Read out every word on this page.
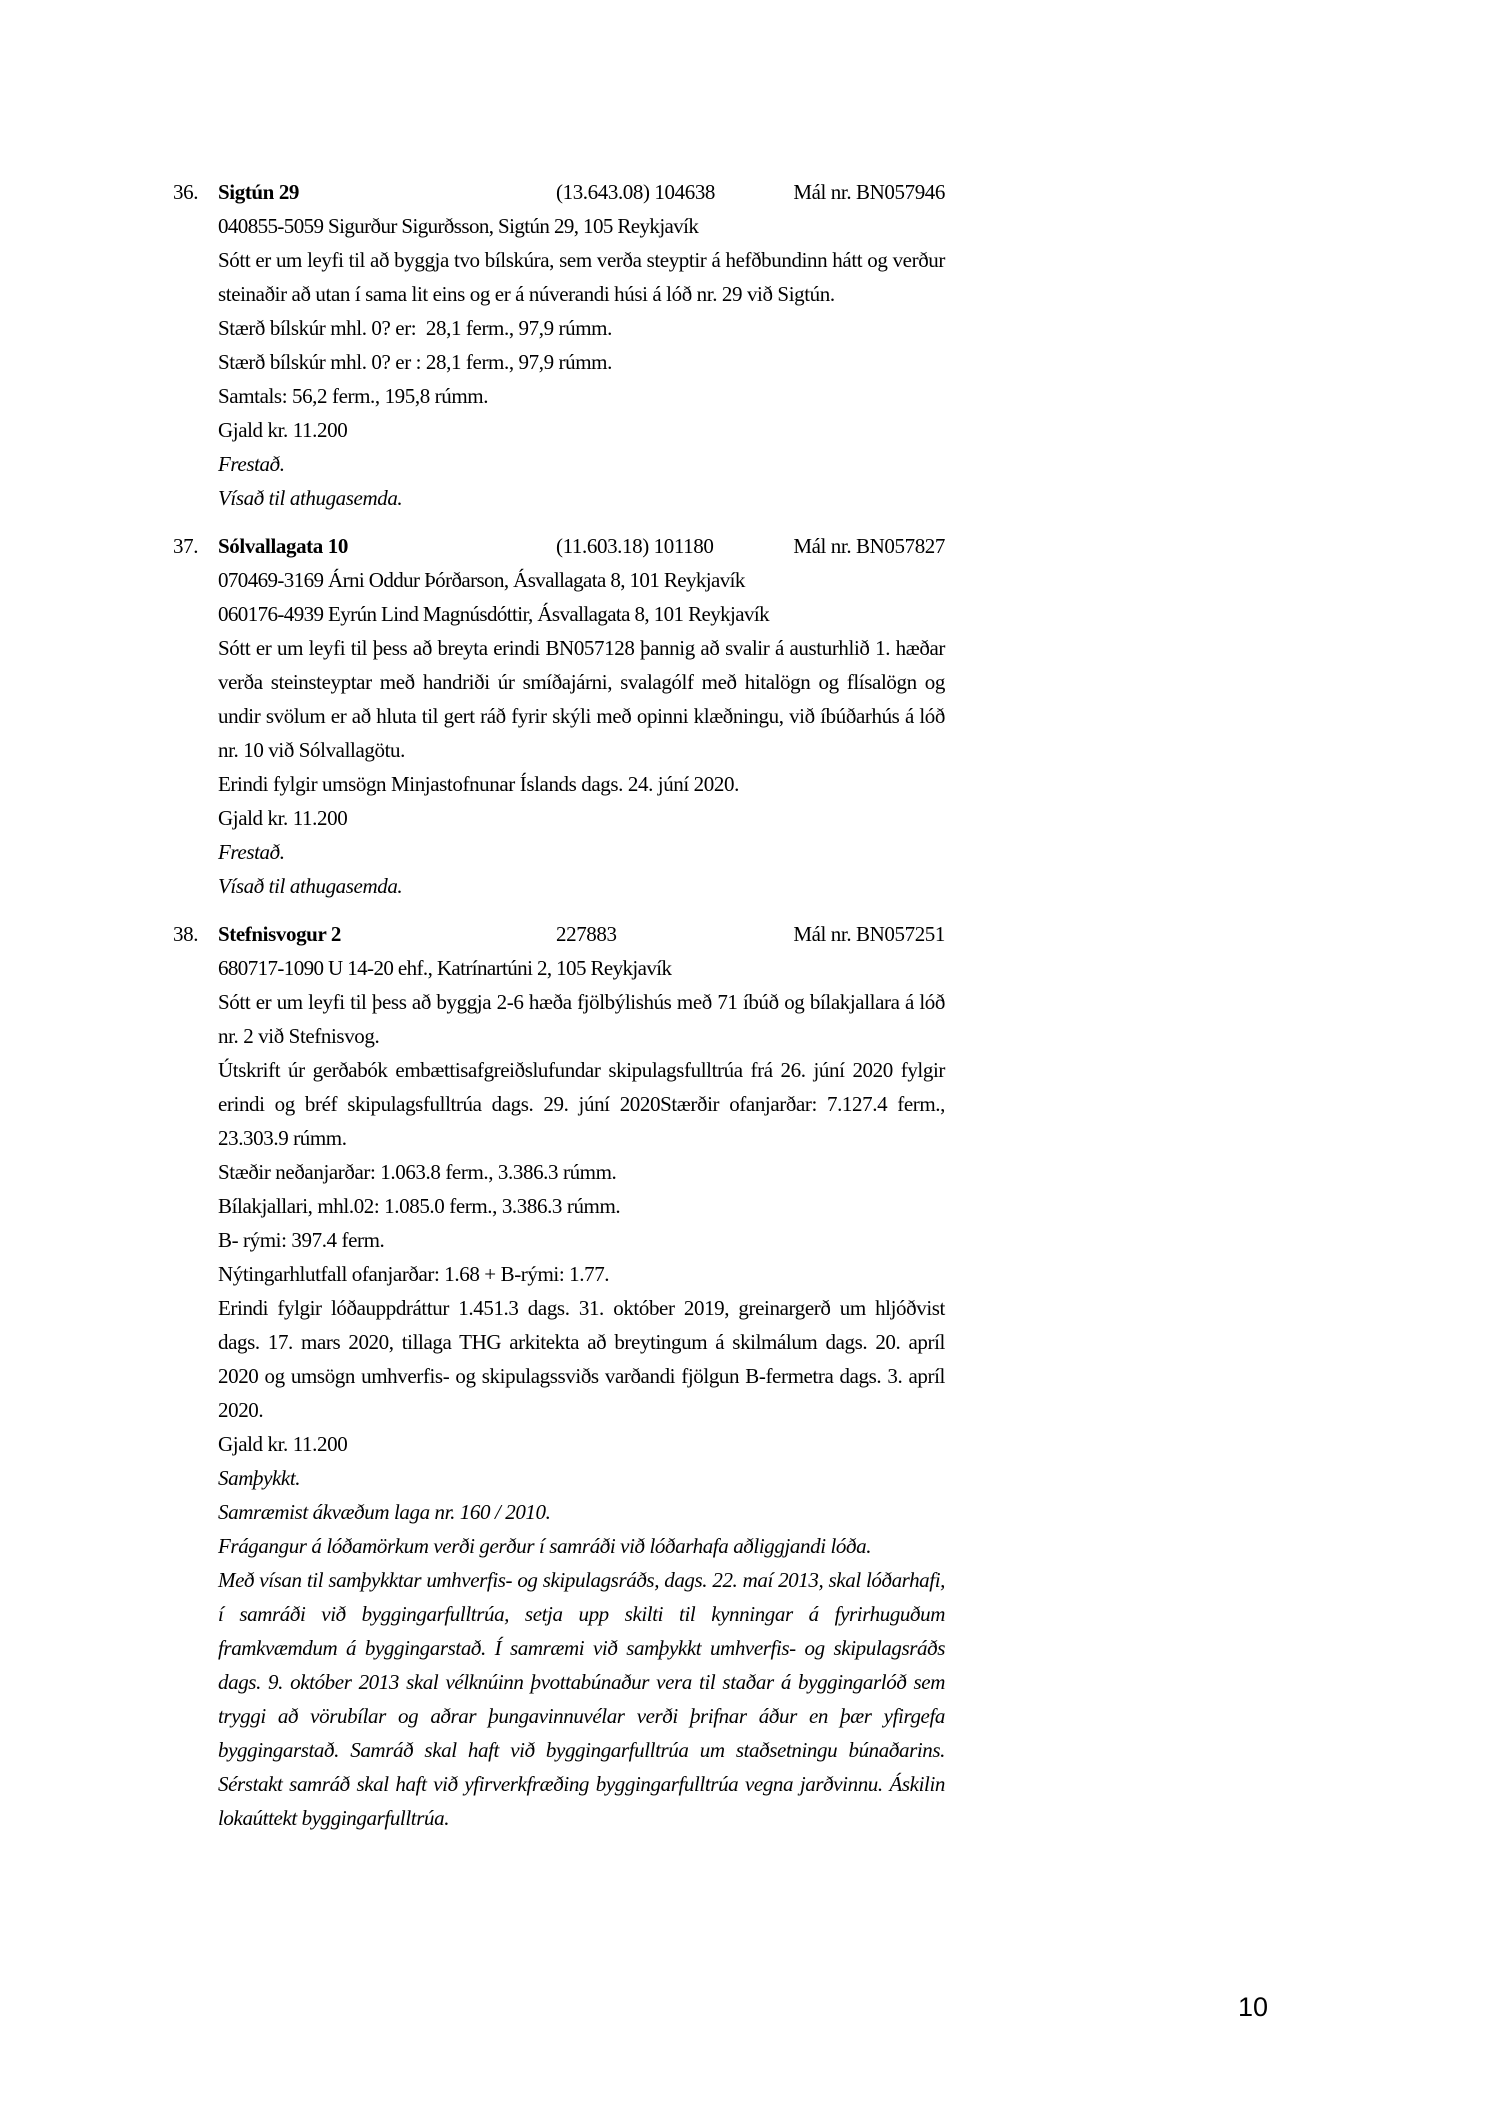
36. Sigtún 29	(13.643.08) 104638	Mál nr. BN057946
040855-5059 Sigurður Sigurðsson, Sigtún 29, 105 Reykjavík

Sótt er um leyfi til að byggja tvo bílskúra, sem verða steyptir á hefðbundinn hátt og verður steinaðir að utan í sama lit eins og er á núverandi húsi á lóð nr. 29 við Sigtún.

Stærð bílskúr mhl. 0? er:  28,1 ferm., 97,9 rúmm.
Stærð bílskúr mhl. 0? er : 28,1 ferm., 97,9 rúmm.
Samtals: 56,2 ferm., 195,8 rúmm.
Gjald kr. 11.200
Frestað.
Vísað til athugasemda.
37. Sólvallagata 10	(11.603.18) 101180	Mál nr. BN057827
070469-3169 Árni Oddur Þórðarson, Ásvallagata 8, 101 Reykjavík
060176-4939 Eyrún Lind Magnúsdóttir, Ásvallagata 8, 101 Reykjavík

Sótt er um leyfi til þess að breyta erindi BN057128 þannig að svalir á austurhlið 1. hæðar verða steinsteyptar með handriði úr smíðajárni, svalagólf með hitalögn og flísalögn og undir svölum er að hluta til gert ráð fyrir skýli með opinni klæðningu, við íbúðarhús á lóð nr. 10 við Sólvallagötu.

Erindi fylgir umsögn Minjastofnunar Íslands dags. 24. júní 2020.
Gjald kr. 11.200
Frestað.
Vísað til athugasemda.
38. Stefnisvogur 2	227883	Mál nr. BN057251
680717-1090 U 14-20 ehf., Katrínartúni 2, 105 Reykjavík

Sótt er um leyfi til þess að byggja 2-6 hæða fjölbýlishús með 71 íbúð og bílakjallara á lóð nr. 2 við Stefnisvog.

Útskrift úr gerðabók embættisafgreiðslufundar skipulagsfulltrúa frá 26. júní 2020 fylgir erindi og bréf skipulagsfulltrúa dags. 29. júní 2020Stærðir ofanjarðar: 7.127.4 ferm., 23.303.9 rúmm.

Stæðir neðanjarðar: 1.063.8 ferm., 3.386.3 rúmm.
Bílakjallari, mhl.02: 1.085.0 ferm., 3.386.3 rúmm.
B- rými: 397.4 ferm.
Nýtingarhlutfall ofanjarðar: 1.68 + B-rými: 1.77.

Erindi fylgir lóðauppdráttur 1.451.3 dags. 31. október 2019, greinargerð um hljóðvist dags. 17. mars 2020, tillaga THG arkitekta að breytingum á skilmálum dags. 20. apríl 2020 og umsögn umhverfis- og skipulagssviðs varðandi fjölgun B-fermetra dags. 3. apríl 2020.

Gjald kr. 11.200
Samþykkt.
Samræmist ákvæðum laga nr. 160 / 2010.
Frágangur á lóðamörkum verði gerður í samráði við lóðarhafa aðliggjandi lóða.

Með vísan til samþykktar umhverfis- og skipulagsráðs, dags. 22. maí 2013, skal lóðarhafi, í samráði við byggingarfulltrúa, setja upp skilti til kynningar á fyrirhuguðum framkvæmdum á byggingarstað. Í samræmi við samþykkt umhverfis- og skipulagsráðs dags. 9. október 2013 skal vélknúinn þvottabúnaður vera til staðar á byggingarlóð sem tryggi að vörubílar og aðrar þungavinnuvélar verði þrifnar áður en þær yfirgefa byggingarstað. Samráð skal haft við byggingarfulltrúa um staðsetningu búnaðarins. Sérstakt samráð skal haft við yfirverkfræðing byggingarfulltrúa vegna jarðvinnu. Áskilin lokaúttekt byggingarfulltrúa.

10
